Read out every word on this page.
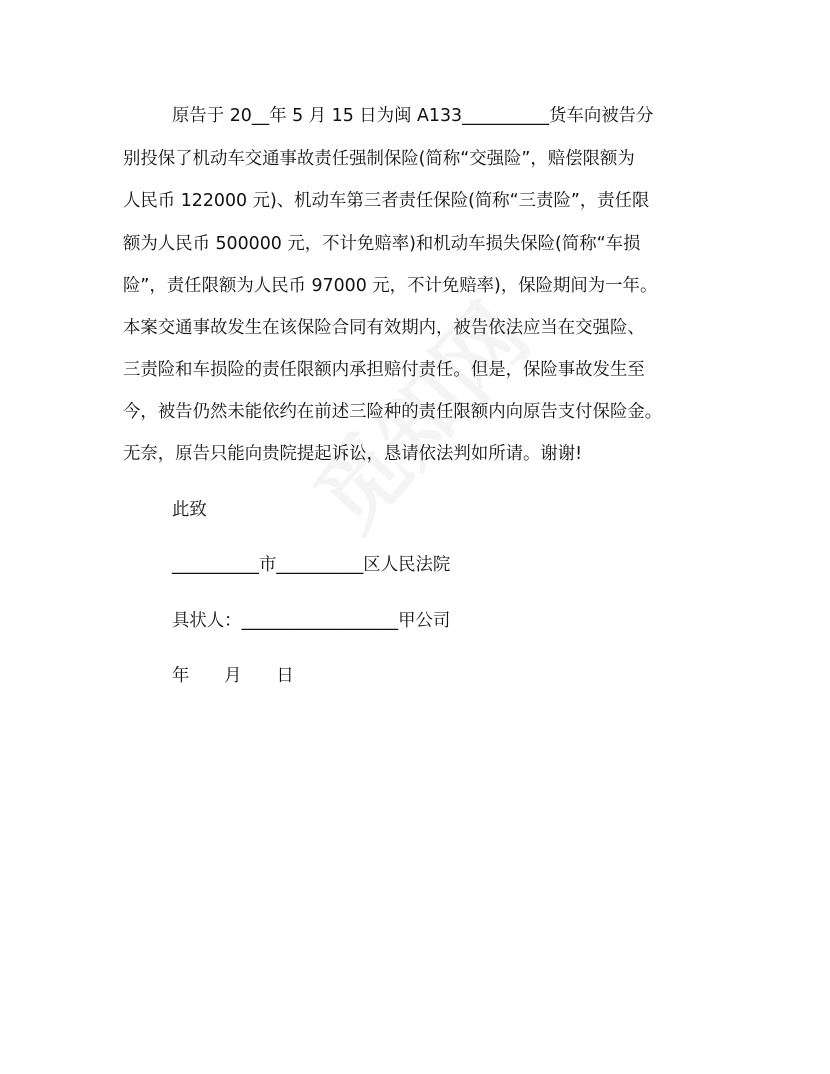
原告于 20__年 5 月 15 日为闽 A133__________货车向被告分
别投保了机动车交通事故责任强制保险(简称“交强险”，赔偿限额为
人民币 122000 元)、机动车第三者责任保险(简称“三责险”，责任限
额为人民币 500000 元，不计免赔率)和机动车损失保险(简称“车损
险”，责任限额为人民币 97000 元，不计免赔率)，保险期间为一年。
本案交通事故发生在该保险合同有效期内，被告依法应当在交强险、
三责险和车损险的责任限额内承担赔付责任。但是，保险事故发生至
今，被告仍然未能依约在前述三险种的责任限额内向原告支付保险金。
无奈，原告只能向贵院提起诉讼，恳请依法判如所请。谢谢!
此致
__________市__________区人民法院
具状人：__________________甲公司
年　　月　　日
